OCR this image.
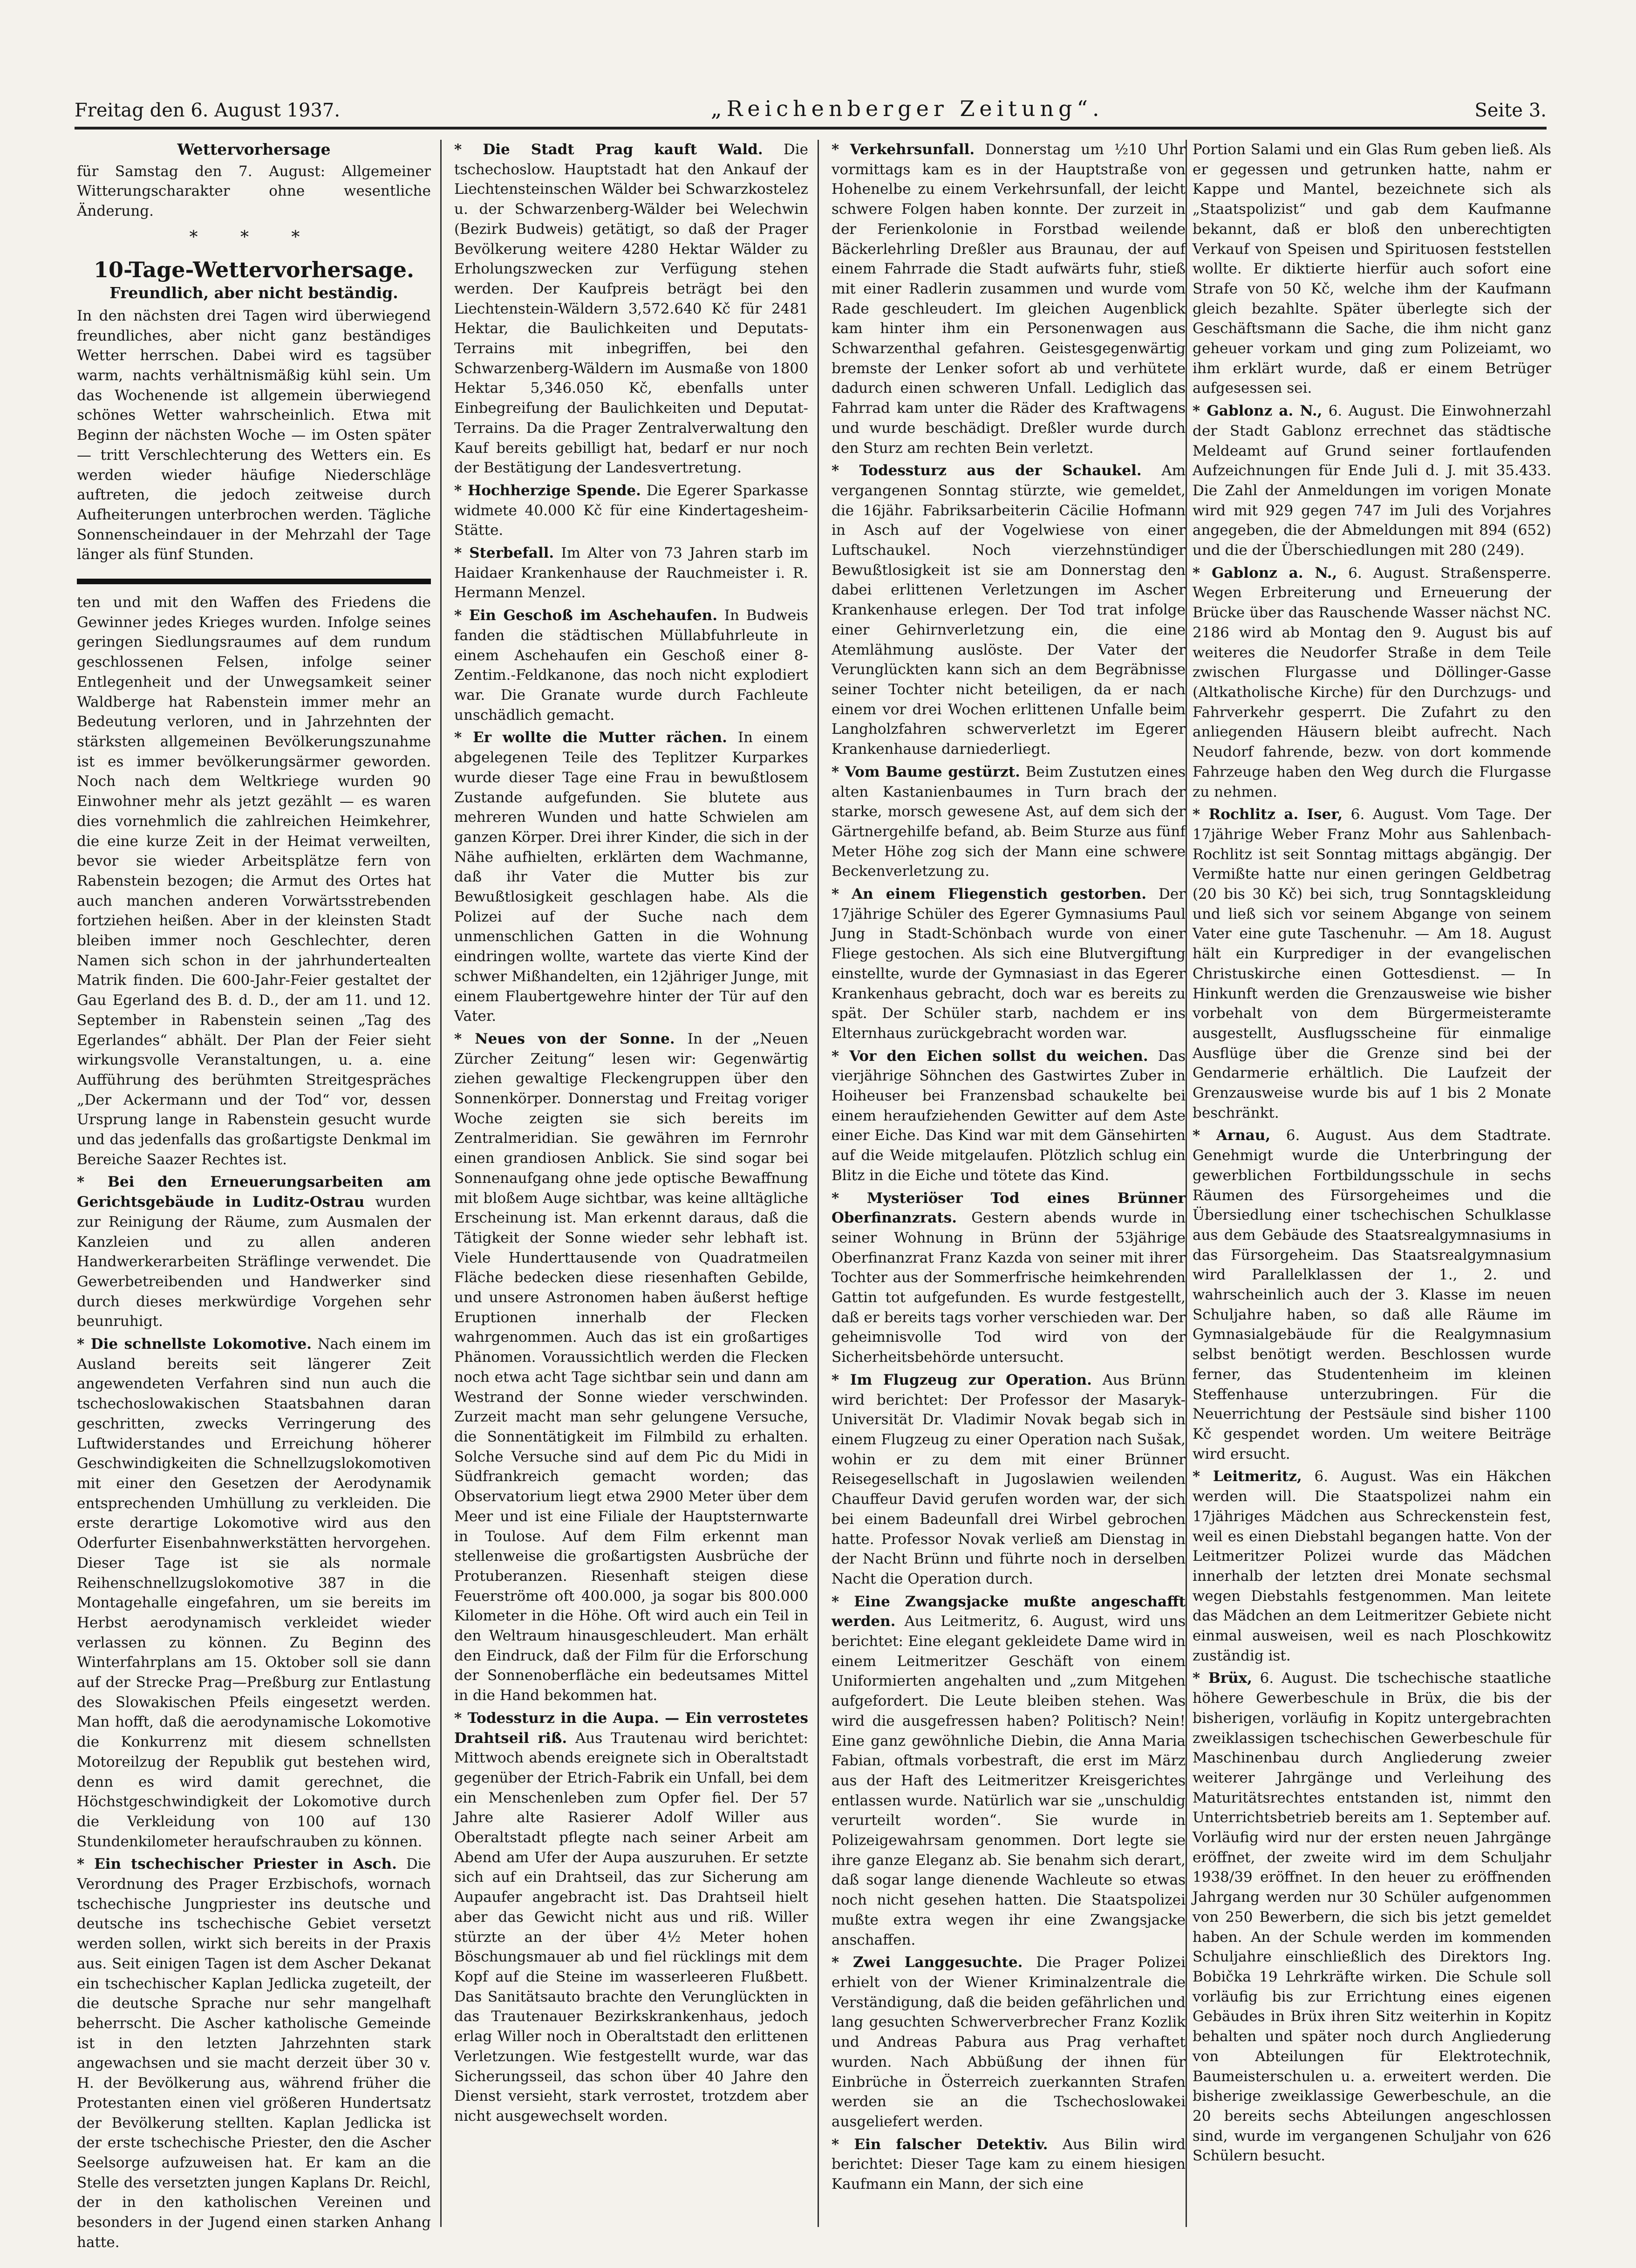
Freitag den 6. August 1937.	„Reichenberger Zeitung“.	Seite 3.
Wettervorhersage

für Samstag den 7. August: Allgemeiner Witterungscharakter ohne wesentliche Änderung.

* * *
10-Tage-Wettervorhersage.
Freundlich, aber nicht beständig.

In den nächsten drei Tagen wird überwiegend freundliches, aber nicht ganz beständiges Wetter herrschen. Dabei wird es tagsüber warm, nachts verhältnismäßig kühl sein. Um das Wochenende ist allgemein überwiegend schönes Wetter wahrscheinlich. Etwa mit Beginn der nächsten Woche — im Osten später — tritt Verschlechterung des Wetters ein. Es werden wieder häufige Niederschläge auftreten, die jedoch zeitweise durch Aufheiterungen unterbrochen werden. Tägliche Sonnenscheindauer in der Mehrzahl der Tage länger als fünf Stunden.

ten und mit den Waffen des Friedens die Gewinner jedes Krieges wurden. Infolge seines geringen Siedlungsraumes auf dem rundum geschlossenen Felsen, infolge seiner Entlegenheit und der Unwegsamkeit seiner Waldberge hat Rabenstein immer mehr an Bedeutung verloren, und in Jahrzehnten der stärksten allgemeinen Bevölkerungszunahme ist es immer bevölkerungsärmer geworden. Noch nach dem Weltkriege wurden 90 Einwohner mehr als jetzt gezählt — es waren dies vornehmlich die zahlreichen Heimkehrer, die eine kurze Zeit in der Heimat verweilten, bevor sie wieder Arbeitsplätze fern von Rabenstein bezogen; die Armut des Ortes hat auch manchen anderen Vorwärtsstrebenden fortziehen heißen. Aber in der kleinsten Stadt bleiben immer noch Geschlechter, deren Namen sich schon in der jahrhundertealten Matrik finden. Die 600-Jahr-Feier gestaltet der Gau Egerland des B. d. D., der am 11. und 12. September in Rabenstein seinen „Tag des Egerlandes“ abhält. Der Plan der Feier sieht wirkungsvolle Veranstaltungen, u. a. eine Aufführung des berühmten Streitgespräches „Der Ackermann und der Tod“ vor, dessen Ursprung lange in Rabenstein gesucht wurde und das jedenfalls das großartigste Denkmal im Bereiche Saazer Rechtes ist.

* Bei den Erneuerungsarbeiten am Gerichtsgebäude in Luditz-Ostrau wurden zur Reinigung der Räume, zum Ausmalen der Kanzleien und zu allen anderen Handwerkerarbeiten Sträflinge verwendet. Die Gewerbetreibenden und Handwerker sind durch dieses merkwürdige Vorgehen sehr beunruhigt.

* Die schnellste Lokomotive. Nach einem im Ausland bereits seit längerer Zeit angewendeten Verfahren sind nun auch die tschechoslowakischen Staatsbahnen daran geschritten, zwecks Verringerung des Luftwiderstandes und Erreichung höherer Geschwindigkeiten die Schnellzugslokomotiven mit einer den Gesetzen der Aerodynamik entsprechenden Umhüllung zu verkleiden. Die erste derartige Lokomotive wird aus den Oderfurter Eisenbahnwerkstätten hervorgehen. Dieser Tage ist sie als normale Reihenschnellzugslokomotive 387 in die Montagehalle eingefahren, um sie bereits im Herbst aerodynamisch verkleidet wieder verlassen zu können. Zu Beginn des Winterfahrplans am 15. Oktober soll sie dann auf der Strecke Prag—Preßburg zur Entlastung des Slowakischen Pfeils eingesetzt werden. Man hofft, daß die aerodynamische Lokomotive die Konkurrenz mit diesem schnellsten Motoreilzug der Republik gut bestehen wird, denn es wird damit gerechnet, die Höchstgeschwindigkeit der Lokomotive durch die Verkleidung von 100 auf 130 Stundenkilometer heraufschrauben zu können.

* Ein tschechischer Priester in Asch. Die Verordnung des Prager Erzbischofs, wornach tschechische Jungpriester ins deutsche und deutsche ins tschechische Gebiet versetzt werden sollen, wirkt sich bereits in der Praxis aus. Seit einigen Tagen ist dem Ascher Dekanat ein tschechischer Kaplan Jedlicka zugeteilt, der die deutsche Sprache nur sehr mangelhaft beherrscht. Die Ascher katholische Gemeinde ist in den letzten Jahrzehnten stark angewachsen und sie macht derzeit über 30 v. H. der Bevölkerung aus, während früher die Protestanten einen viel größeren Hundertsatz der Bevölkerung stellten. Kaplan Jedlicka ist der erste tschechische Priester, den die Ascher Seelsorge aufzuweisen hat. Er kam an die Stelle des versetzten jungen Kaplans Dr. Reichl, der in den katholischen Vereinen und besonders in der Jugend einen starken Anhang hatte.

* Die Stadt Prag kauft Wald. Die tschechoslow. Hauptstadt hat den Ankauf der Liechtensteinschen Wälder bei Schwarzkostelez u. der Schwarzenberg-Wälder bei Welechwin (Bezirk Budweis) getätigt, so daß der Prager Bevölkerung weitere 4280 Hektar Wälder zu Erholungszwecken zur Verfügung stehen werden. Der Kaufpreis beträgt bei den Liechtenstein-Wäldern 3,572.640 Kč für 2481 Hektar, die Baulichkeiten und Deputats-Terrains mit inbegriffen, bei den Schwarzenberg-Wäldern im Ausmaße von 1800 Hektar 5,346.050 Kč, ebenfalls unter Einbegreifung der Baulichkeiten und Deputat-Terrains. Da die Prager Zentralverwaltung den Kauf bereits gebilligt hat, bedarf er nur noch der Bestätigung der Landesvertretung.

* Hochherzige Spende. Die Egerer Sparkasse widmete 40.000 Kč für eine Kindertagesheim-Stätte.

* Sterbefall. Im Alter von 73 Jahren starb im Haidaer Krankenhause der Rauchmeister i. R. Hermann Menzel.

* Ein Geschoß im Aschehaufen. In Budweis fanden die städtischen Müllabfuhrleute in einem Aschehaufen ein Geschoß einer 8-Zentim.-Feldkanone, das noch nicht explodiert war. Die Granate wurde durch Fachleute unschädlich gemacht.

* Er wollte die Mutter rächen. In einem abgelegenen Teile des Teplitzer Kurparkes wurde dieser Tage eine Frau in bewußtlosem Zustande aufgefunden. Sie blutete aus mehreren Wunden und hatte Schwielen am ganzen Körper. Drei ihrer Kinder, die sich in der Nähe aufhielten, erklärten dem Wachmanne, daß ihr Vater die Mutter bis zur Bewußtlosigkeit geschlagen habe. Als die Polizei auf der Suche nach dem unmenschlichen Gatten in die Wohnung eindringen wollte, wartete das vierte Kind der schwer Mißhandelten, ein 12jähriger Junge, mit einem Flaubertgewehre hinter der Tür auf den Vater.

* Neues von der Sonne. In der „Neuen Zürcher Zeitung“ lesen wir: Gegenwärtig ziehen gewaltige Fleckengruppen über den Sonnenkörper. Donnerstag und Freitag voriger Woche zeigten sie sich bereits im Zentralmeridian. Sie gewähren im Fernrohr einen grandiosen Anblick. Sie sind sogar bei Sonnenaufgang ohne jede optische Bewaffnung mit bloßem Auge sichtbar, was keine alltägliche Erscheinung ist. Man erkennt daraus, daß die Tätigkeit der Sonne wieder sehr lebhaft ist. Viele Hunderttausende von Quadratmeilen Fläche bedecken diese riesenhaften Gebilde, und unsere Astronomen haben äußerst heftige Eruptionen innerhalb der Flecken wahrgenommen. Auch das ist ein großartiges Phänomen. Voraussichtlich werden die Flecken noch etwa acht Tage sichtbar sein und dann am Westrand der Sonne wieder verschwinden. Zurzeit macht man sehr gelungene Versuche, die Sonnentätigkeit im Filmbild zu erhalten. Solche Versuche sind auf dem Pic du Midi in Südfrankreich gemacht worden; das Observatorium liegt etwa 2900 Meter über dem Meer und ist eine Filiale der Hauptsternwarte in Toulose. Auf dem Film erkennt man stellenweise die großartigsten Ausbrüche der Protuberanzen. Riesenhaft steigen diese Feuerströme oft 400.000, ja sogar bis 800.000 Kilometer in die Höhe. Oft wird auch ein Teil in den Weltraum hinausgeschleudert. Man erhält den Eindruck, daß der Film für die Erforschung der Sonnenoberfläche ein bedeutsames Mittel in die Hand bekommen hat.

* Todessturz in die Aupa. — Ein verrostetes Drahtseil riß. Aus Trautenau wird berichtet: Mittwoch abends ereignete sich in Oberaltstadt gegenüber der Etrich-Fabrik ein Unfall, bei dem ein Menschenleben zum Opfer fiel. Der 57 Jahre alte Rasierer Adolf Willer aus Oberaltstadt pflegte nach seiner Arbeit am Abend am Ufer der Aupa auszuruhen. Er setzte sich auf ein Drahtseil, das zur Sicherung am Aupaufer angebracht ist. Das Drahtseil hielt aber das Gewicht nicht aus und riß. Willer stürzte an der über 4½ Meter hohen Böschungsmauer ab und fiel rücklings mit dem Kopf auf die Steine im wasserleeren Flußbett. Das Sanitätsauto brachte den Verunglückten in das Trautenauer Bezirkskrankenhaus, jedoch erlag Willer noch in Oberaltstadt den erlittenen Verletzungen. Wie festgestellt wurde, war das Sicherungsseil, das schon über 40 Jahre den Dienst versieht, stark verrostet, trotzdem aber nicht ausgewechselt worden.

* Verkehrsunfall. Donnerstag um ½10 Uhr vormittags kam es in der Hauptstraße von Hohenelbe zu einem Verkehrsunfall, der leicht schwere Folgen haben konnte. Der zurzeit in der Ferienkolonie in Forstbad weilende Bäckerlehrling Dreßler aus Braunau, der auf einem Fahrrade die Stadt aufwärts fuhr, stieß mit einer Radlerin zusammen und wurde vom Rade geschleudert. Im gleichen Augenblick kam hinter ihm ein Personenwagen aus Schwarzenthal gefahren. Geistesgegenwärtig bremste der Lenker sofort ab und verhütete dadurch einen schweren Unfall. Lediglich das Fahrrad kam unter die Räder des Kraftwagens und wurde beschädigt. Dreßler wurde durch den Sturz am rechten Bein verletzt.

* Todessturz aus der Schaukel. Am vergangenen Sonntag stürzte, wie gemeldet, die 16jähr. Fabriksarbeiterin Cäcilie Hofmann in Asch auf der Vogelwiese von einer Luftschaukel. Noch vierzehnstündiger Bewußtlosigkeit ist sie am Donnerstag den dabei erlittenen Verletzungen im Ascher Krankenhause erlegen. Der Tod trat infolge einer Gehirnverletzung ein, die eine Atemlähmung auslöste. Der Vater der Verunglückten kann sich an dem Begräbnisse seiner Tochter nicht beteiligen, da er nach einem vor drei Wochen erlittenen Unfalle beim Langholzfahren schwerverletzt im Egerer Krankenhause darniederliegt.

* Vom Baume gestürzt. Beim Zustutzen eines alten Kastanienbaumes in Turn brach der starke, morsch gewesene Ast, auf dem sich der Gärtnergehilfe befand, ab. Beim Sturze aus fünf Meter Höhe zog sich der Mann eine schwere Beckenverletzung zu.

* An einem Fliegenstich gestorben. Der 17jährige Schüler des Egerer Gymnasiums Paul Jung in Stadt-Schönbach wurde von einer Fliege gestochen. Als sich eine Blutvergiftung einstellte, wurde der Gymnasiast in das Egerer Krankenhaus gebracht, doch war es bereits zu spät. Der Schüler starb, nachdem er ins Elternhaus zurückgebracht worden war.

* Vor den Eichen sollst du weichen. Das vierjährige Söhnchen des Gastwirtes Zuber in Hoiheuser bei Franzensbad schaukelte bei einem heraufziehenden Gewitter auf dem Aste einer Eiche. Das Kind war mit dem Gänsehirten auf die Weide mitgelaufen. Plötzlich schlug ein Blitz in die Eiche und tötete das Kind.

* Mysteriöser Tod eines Brünner Oberfinanzrats. Gestern abends wurde in seiner Wohnung in Brünn der 53jährige Oberfinanzrat Franz Kazda von seiner mit ihrer Tochter aus der Sommerfrische heimkehrenden Gattin tot aufgefunden. Es wurde festgestellt, daß er bereits tags vorher verschieden war. Der geheimnisvolle Tod wird von der Sicherheitsbehörde untersucht.

* Im Flugzeug zur Operation. Aus Brünn wird berichtet: Der Professor der Masaryk-Universität Dr. Vladimir Novak begab sich in einem Flugzeug zu einer Operation nach Sušak, wohin er zu dem mit einer Brünner Reisegesellschaft in Jugoslawien weilenden Chauffeur David gerufen worden war, der sich bei einem Badeunfall drei Wirbel gebrochen hatte. Professor Novak verließ am Dienstag in der Nacht Brünn und führte noch in derselben Nacht die Operation durch.

* Eine Zwangsjacke mußte angeschafft werden. Aus Leitmeritz, 6. August, wird uns berichtet: Eine elegant gekleidete Dame wird in einem Leitmeritzer Geschäft von einem Uniformierten angehalten und „zum Mitgehen aufgefordert. Die Leute bleiben stehen. Was wird die ausgefressen haben? Politisch? Nein! Eine ganz gewöhnliche Diebin, die Anna Maria Fabian, oftmals vorbestraft, die erst im März aus der Haft des Leitmeritzer Kreisgerichtes entlassen wurde. Natürlich war sie „unschuldig verurteilt worden“. Sie wurde in Polizeigewahrsam genommen. Dort legte sie ihre ganze Eleganz ab. Sie benahm sich derart, daß sogar lange dienende Wachleute so etwas noch nicht gesehen hatten. Die Staatspolizei mußte extra wegen ihr eine Zwangsjacke anschaffen.

* Zwei Langgesuchte. Die Prager Polizei erhielt von der Wiener Kriminalzentrale die Verständigung, daß die beiden gefährlichen und lang gesuchten Schwerverbrecher Franz Kozlik und Andreas Pabura aus Prag verhaftet wurden. Nach Abbüßung der ihnen für Einbrüche in Österreich zuerkannten Strafen werden sie an die Tschechoslowakei ausgeliefert werden.

* Ein falscher Detektiv. Aus Bilin wird berichtet: Dieser Tage kam zu einem hiesigen Kaufmann ein Mann, der sich eine

Portion Salami und ein Glas Rum geben ließ. Als er gegessen und getrunken hatte, nahm er Kappe und Mantel, bezeichnete sich als „Staatspolizist“ und gab dem Kaufmanne bekannt, daß er bloß den unberechtigten Verkauf von Speisen und Spirituosen feststellen wollte. Er diktierte hierfür auch sofort eine Strafe von 50 Kč, welche ihm der Kaufmann gleich bezahlte. Später überlegte sich der Geschäftsmann die Sache, die ihm nicht ganz geheuer vorkam und ging zum Polizeiamt, wo ihm erklärt wurde, daß er einem Betrüger aufgesessen sei.

* Gablonz a. N., 6. August. Die Einwohnerzahl der Stadt Gablonz errechnet das städtische Meldeamt auf Grund seiner fortlaufenden Aufzeichnungen für Ende Juli d. J. mit 35.433. Die Zahl der Anmeldungen im vorigen Monate wird mit 929 gegen 747 im Juli des Vorjahres angegeben, die der Abmeldungen mit 894 (652) und die der Überschiedlungen mit 280 (249).

* Gablonz a. N., 6. August. Straßensperre. Wegen Erbreiterung und Erneuerung der Brücke über das Rauschende Wasser nächst NC. 2186 wird ab Montag den 9. August bis auf weiteres die Neudorfer Straße in dem Teile zwischen Flurgasse und Döllinger-Gasse (Altkatholische Kirche) für den Durchzugs- und Fahrverkehr gesperrt. Die Zufahrt zu den anliegenden Häusern bleibt aufrecht. Nach Neudorf fahrende, bezw. von dort kommende Fahrzeuge haben den Weg durch die Flurgasse zu nehmen.

* Rochlitz a. Iser, 6. August. Vom Tage. Der 17jährige Weber Franz Mohr aus Sahlenbach-Rochlitz ist seit Sonntag mittags abgängig. Der Vermißte hatte nur einen geringen Geldbetrag (20 bis 30 Kč) bei sich, trug Sonntagskleidung und ließ sich vor seinem Abgange von seinem Vater eine gute Taschenuhr. — Am 18. August hält ein Kurprediger in der evangelischen Christuskirche einen Gottesdienst. — In Hinkunft werden die Grenzausweise wie bisher vorbehalt von dem Bürgermeisteramte ausgestellt, Ausflugsscheine für einmalige Ausflüge über die Grenze sind bei der Gendarmerie erhältlich. Die Laufzeit der Grenzausweise wurde bis auf 1 bis 2 Monate beschränkt.

* Arnau, 6. August. Aus dem Stadtrate. Genehmigt wurde die Unterbringung der gewerblichen Fortbildungsschule in sechs Räumen des Fürsorgeheimes und die Übersiedlung einer tschechischen Schulklasse aus dem Gebäude des Staatsrealgymnasiums in das Fürsorgeheim. Das Staatsrealgymnasium wird Parallelklassen der 1., 2. und wahrscheinlich auch der 3. Klasse im neuen Schuljahre haben, so daß alle Räume im Gymnasialgebäude für die Realgymnasium selbst benötigt werden. Beschlossen wurde ferner, das Studentenheim im kleinen Steffenhause unterzubringen. Für die Neuerrichtung der Pestsäule sind bisher 1100 Kč gespendet worden. Um weitere Beiträge wird ersucht.

* Leitmeritz, 6. August. Was ein Häkchen werden will. Die Staatspolizei nahm ein 17jähriges Mädchen aus Schreckenstein fest, weil es einen Diebstahl begangen hatte. Von der Leitmeritzer Polizei wurde das Mädchen innerhalb der letzten drei Monate sechsmal wegen Diebstahls festgenommen. Man leitete das Mädchen an dem Leitmeritzer Gebiete nicht einmal ausweisen, weil es nach Ploschkowitz zuständig ist.

* Brüx, 6. August. Die tschechische staatliche höhere Gewerbeschule in Brüx, die bis der bisherigen, vorläufig in Kopitz untergebrachten zweiklassigen tschechischen Gewerbeschule für Maschinenbau durch Angliederung zweier weiterer Jahrgänge und Verleihung des Maturitätsrechtes entstanden ist, nimmt den Unterrichtsbetrieb bereits am 1. September auf. Vorläufig wird nur der ersten neuen Jahrgänge eröffnet, der zweite wird im dem Schuljahr 1938/39 eröffnet. In den heuer zu eröffnenden Jahrgang werden nur 30 Schüler aufgenommen von 250 Bewerbern, die sich bis jetzt gemeldet haben. An der Schule werden im kommenden Schuljahre einschließlich des Direktors Ing. Bobička 19 Lehrkräfte wirken. Die Schule soll vorläufig bis zur Errichtung eines eigenen Gebäudes in Brüx ihren Sitz weiterhin in Kopitz behalten und später noch durch Angliederung von Abteilungen für Elektrotechnik, Baumeisterschulen u. a. erweitert werden. Die bisherige zweiklassige Gewerbeschule, an die 20 bereits sechs Abteilungen angeschlossen sind, wurde im vergangenen Schuljahr von 626 Schülern besucht.
